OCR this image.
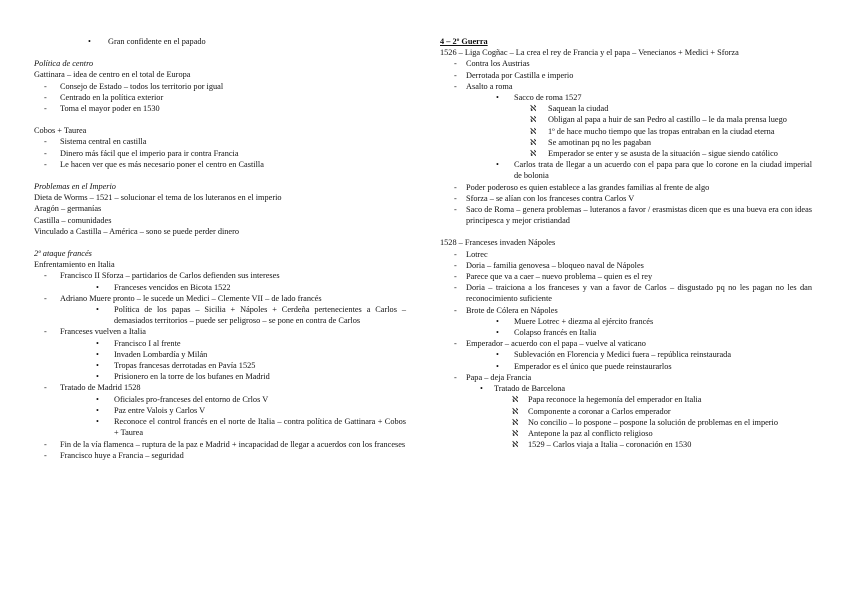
• Gran confidente en el papado
Política de centro
Gattinara – idea de centro en el total de Europa
- Consejo de Estado – todos los territorio por igual
- Centrado en la política exterior
- Toma el mayor poder en 1530
Cobos + Taurea
- Sistema central en castilla
- Dinero más fácil que el imperio para ir contra Francia
- Le hacen ver que es más necesario poner el centro en Castilla
Problemas en el Imperio
Dieta de Worms – 1521 – solucionar el tema de los luteranos en el imperio
Aragón – germanías
Castilla – comunidades
Vinculado a Castilla – América – sono se puede perder dinero
2º ataque francés
Enfrentamiento en Italia
- Francisco II Sforza – partidarios de Carlos defienden sus intereses
• Franceses vencidos en Bicota 1522
- Adriano Muere pronto – le sucede un Medici – Clemente VII – de lado francés
• Política de los papas – Sicilia + Nápoles + Cerdeña pertenecientes a Carlos – demasiados territorios – puede ser peligroso – se pone en contra de Carlos
- Franceses vuelven a Italia
• Francisco I al frente
• Invaden Lombardía y Milán
• Tropas francesas derrotadas en Pavía 1525
• Prisionero en la torre de los bufanes en Madrid
- Tratado de Madrid 1528
• Oficiales pro-franceses del entorno de Crlos V
• Paz entre Valois y Carlos V
• Reconoce el control francés en el norte de Italia – contra política de Gattinara + Cobos + Taurea
- Fin de la vía flamenca – ruptura de la paz e Madrid + incapacidad de llegar a acuerdos con los franceses
- Francisco huye a Francia – seguridad
4 – 2º Guerra
1526 – Liga Cogñac – La crea el rey de Francia y el papa – Venecianos + Medici + Sforza
- Contra los Austrias
- Derrotada por Castilla e imperio
- Asalto a roma
• Sacco de roma 1527
ℵ Saquean la ciudad
ℵ Obligan al papa a huir de san Pedro al castillo – le da mala prensa luego
ℵ 1º de hace mucho tiempo que las tropas entraban en la ciudad eterna
ℵ Se amotinan pq no les pagaban
ℵ Emperador se enter y se asusta de la situación – sigue siendo católico
• Carlos trata de llegar a un acuerdo con el papa para que lo corone en la ciudad imperial de bolonia
- Poder poderoso es quien establece a las grandes familias al frente de algo
- Sforza – se alían con los franceses contra Carlos V
- Saco de Roma – genera problemas – luteranos a favor / erasmistas dicen que es una bueva era con ideas principesca y mejor cristiandad
1528 – Franceses invaden Nápoles
- Lotrec
- Doria – familia genovesa – bloqueo naval de Nápoles
- Parece que va a caer – nuevo problema – quien es el rey
- Doria – traiciona a los franceses y van a favor de Carlos – disgustado pq no les pagan no les dan reconocimiento suficiente
- Brote de Cólera en Nápoles
• Muere Lotrec + diezma al ejército francés
• Colapso francés en Italia
- Emperador – acuerdo con el papa – vuelve al vaticano
• Sublevación en Florencia y Medici fuera – república reinstaurada
• Emperador es el único que puede reinstaurarlos
- Papa – deja Francia
• Tratado de Barcelona
ℵ Papa reconoce la hegemonía del emperador en Italia
ℵ Componente a coronar a Carlos emperador
ℵ No concilio – lo pospone – pospone la solución de problemas en el imperio
ℵ Antepone la paz al conflicto religioso
ℵ 1529 – Carlos viaja a Italia – coronación en 1530
